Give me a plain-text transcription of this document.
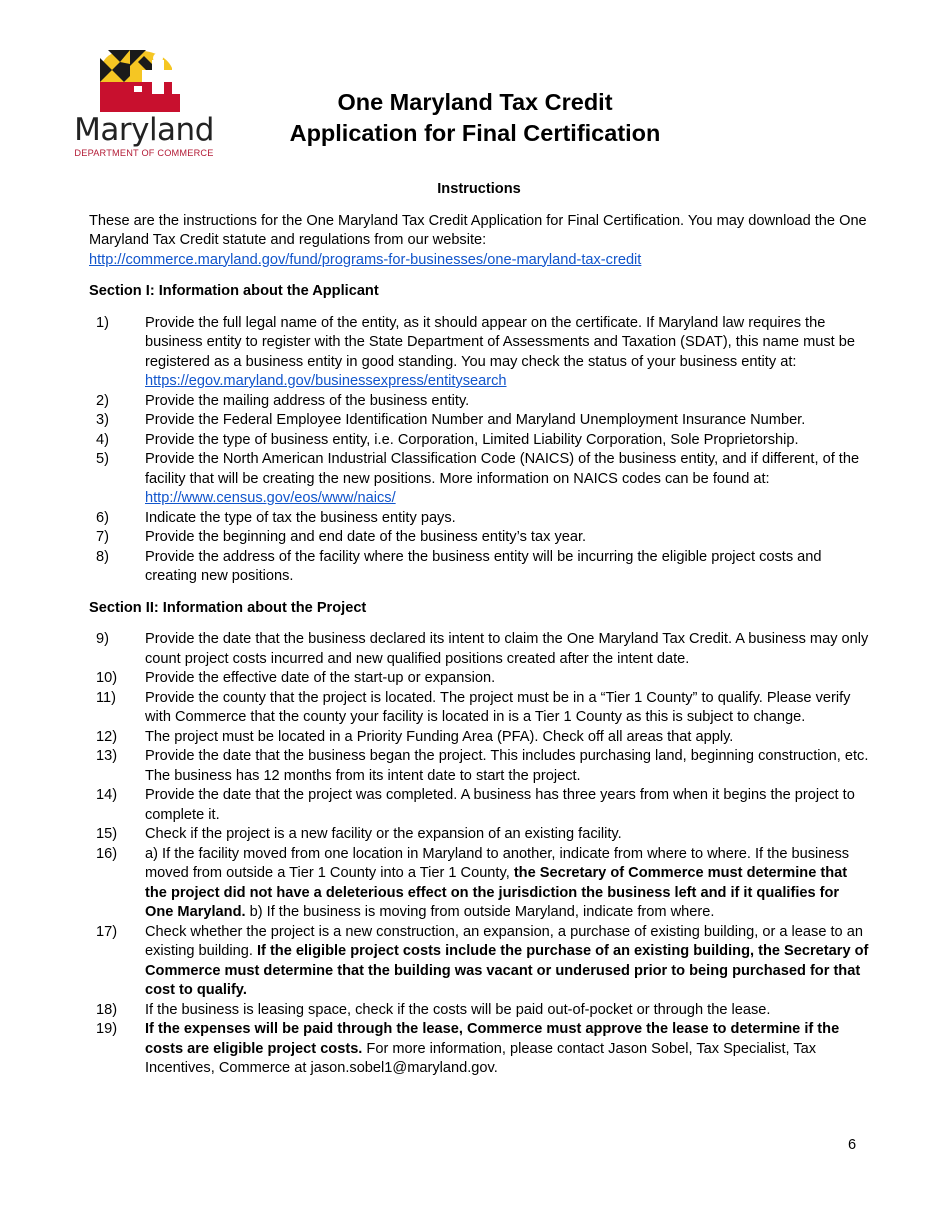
Maryland
DEPARTMENT OF COMMERCE
One Maryland Tax Credit
Application for Final Certification
Instructions
These are the instructions for the One Maryland Tax Credit Application for Final Certification. You may download the One Maryland Tax Credit statute and regulations from our website:
http://commerce.maryland.gov/fund/programs-for-businesses/one-maryland-tax-credit
Section I: Information about the Applicant
1)	Provide the full legal name of the entity, as it should appear on the certificate. If Maryland law requires the business entity to register with the State Department of Assessments and Taxation (SDAT), this name must be registered as a business entity in good standing. You may check the status of your business entity at: https://egov.maryland.gov/businessexpress/entitysearch
2)	Provide the mailing address of the business entity.
3)	Provide the Federal Employee Identification Number and Maryland Unemployment Insurance Number.
4)	Provide the type of business entity, i.e. Corporation, Limited Liability Corporation, Sole Proprietorship.
5)	Provide the North American Industrial Classification Code (NAICS) of the business entity, and if different, of the facility that will be creating the new positions. More information on NAICS codes can be found at: http://www.census.gov/eos/www/naics/
6)	Indicate the type of tax the business entity pays.
7)	Provide the beginning and end date of the business entity’s tax year.
8)	Provide the address of the facility where the business entity will be incurring the eligible project costs and creating new positions.
Section II: Information about the Project
9)	Provide the date that the business declared its intent to claim the One Maryland Tax Credit. A business may only count project costs incurred and new qualified positions created after the intent date.
10)	Provide the effective date of the start-up or expansion.
11)	Provide the county that the project is located. The project must be in a “Tier 1 County” to qualify. Please verify with Commerce that the county your facility is located in is a Tier 1 County as this is subject to change.
12)	The project must be located in a Priority Funding Area (PFA). Check off all areas that apply.
13)	Provide the date that the business began the project. This includes purchasing land, beginning construction, etc. The business has 12 months from its intent date to start the project.
14)	Provide the date that the project was completed. A business has three years from when it begins the project to complete it.
15)	Check if the project is a new facility or the expansion of an existing facility.
16)	a) If the facility moved from one location in Maryland to another, indicate from where to where. If the business moved from outside a Tier 1 County into a Tier 1 County, the Secretary of Commerce must determine that the project did not have a deleterious effect on the jurisdiction the business left and if it qualifies for One Maryland. b) If the business is moving from outside Maryland, indicate from where.
17)	Check whether the project is a new construction, an expansion, a purchase of existing building, or a lease to an existing building. If the eligible project costs include the purchase of an existing building, the Secretary of Commerce must determine that the building was vacant or underused prior to being purchased for that cost to qualify.
18)	If the business is leasing space, check if the costs will be paid out-of-pocket or through the lease.
19)	If the expenses will be paid through the lease, Commerce must approve the lease to determine if the costs are eligible project costs. For more information, please contact Jason Sobel, Tax Specialist, Tax Incentives, Commerce at jason.sobel1@maryland.gov.
6
